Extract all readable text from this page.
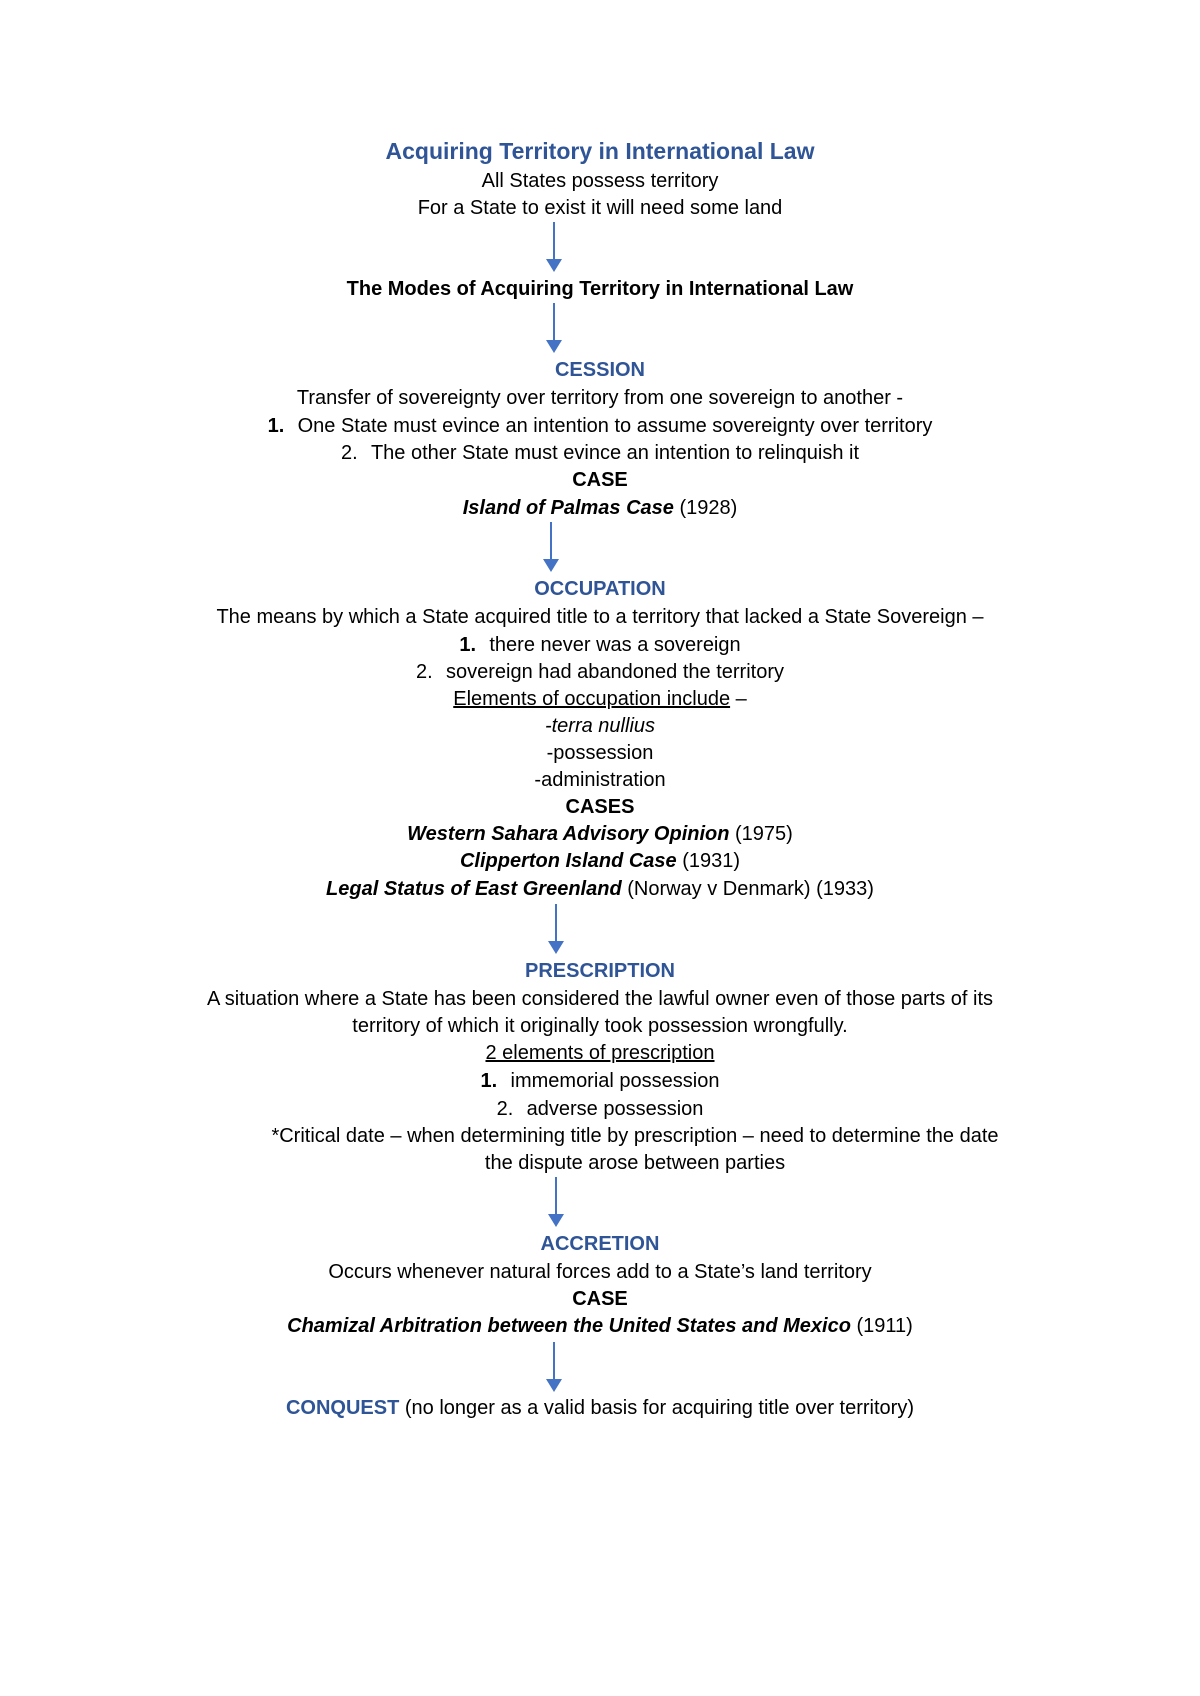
Acquiring Territory in International Law
All States possess territory
For a State to exist it will need some land
The Modes of Acquiring Territory in International Law
CESSION
Transfer of sovereignty over territory from one sovereign to another -
1. One State must evince an intention to assume sovereignty over territory
2. The other State must evince an intention to relinquish it
CASE
Island of Palmas Case (1928)
OCCUPATION
The means by which a State acquired title to a territory that lacked a State Sovereign –
1. there never was a sovereign
2. sovereign had abandoned the territory
Elements of occupation include –
-terra nullius
-possession
-administration
CASES
Western Sahara Advisory Opinion (1975)
Clipperton Island Case (1931)
Legal Status of East Greenland (Norway v Denmark) (1933)
PRESCRIPTION
A situation where a State has been considered the lawful owner even of those parts of its
territory of which it originally took possession wrongfully.
2 elements of prescription
1. immemorial possession
2. adverse possession
*Critical date – when determining title by prescription – need to determine the date
the dispute arose between parties
ACCRETION
Occurs whenever natural forces add to a State’s land territory
CASE
Chamizal Arbitration between the United States and Mexico (1911)
CONQUEST (no longer as a valid basis for acquiring title over territory)
